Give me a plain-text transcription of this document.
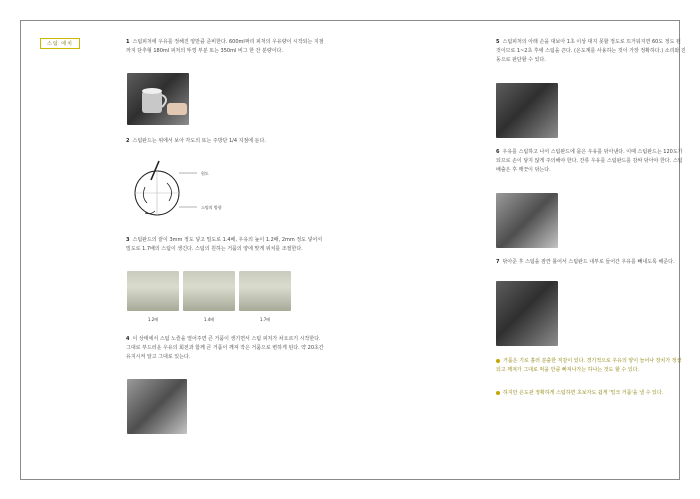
스팀 에치	1 스팀피처에 우유를 정해진 양만큼 준비한다. 600ml짜리 피처의 우유량이 시작되는 지점까지 단추형 180ml 피처의 뚜껑 부분 또는 350ml 비그 한 잔 분량이다.
2 스팀완드는 위에서 보아 각도의 또는 주방단 1/4 지점에 둔다.
원도
스팀의 방향
3 스팀완드의 끝이 3mm 정도 넣고 밀도로 1.4배, 우유의 높이 1.2배, 2mm 정도 넣어서 밀도로 1.7배의 스팀이 생긴다. 스팀의 원하는 거품의 양에 맞게 위치를 조절한다.
1.2배	1.4배	1.7배
4 이 상태에서 스팀 노즐을 열어주면 큰 거품이 생기면서 스팀 피처가 차오르기 시작한다. 그대로 부드러운 우유의 회전과 함께 큰 거품이 깨져 작은 거품으로 변하게 된다. 약 20초간 유지시켜 알고 그대로 있는다.
5 스팀피처의 아래 손을 대보아 1초 이상 대지 못할 정도로 뜨거워지면 60도 정도 된 것이므로 1~2초 후에 스팀을 끈다. (온도계를 사용하는 것이 가장 정확하다.) 소리와 진동으로 판단할 수 있다.
6 우유를 스팀하고 나서 스팀완드에 묻은 우유를 닦아낸다. 이때 스팀완드는 120도가 되므로 손이 닿지 않게 주의해야 한다. 잔류 우유를 스팀완드를 감싸 닦아야 한다. 스팀 배출은 후 깨끗이 닦는다.
7 닦아준 후 스팀을 잠깐 틀어서 스팀완드 내부로 들어간 우유를 빼내도록 해준다.
거품은 기로 흘러 분출한 직감이 있다. 경기적으로 우유의 양이 늘어나 장치가 정상되고 깨져가 그대로 먹을 만큼 빠져나가는 하나는 것도 할 수 있다.
하지만 온도관 정확하게 스팀하면 초보자도 쉽게 '밀크 거품'을 낼 수 있다.
